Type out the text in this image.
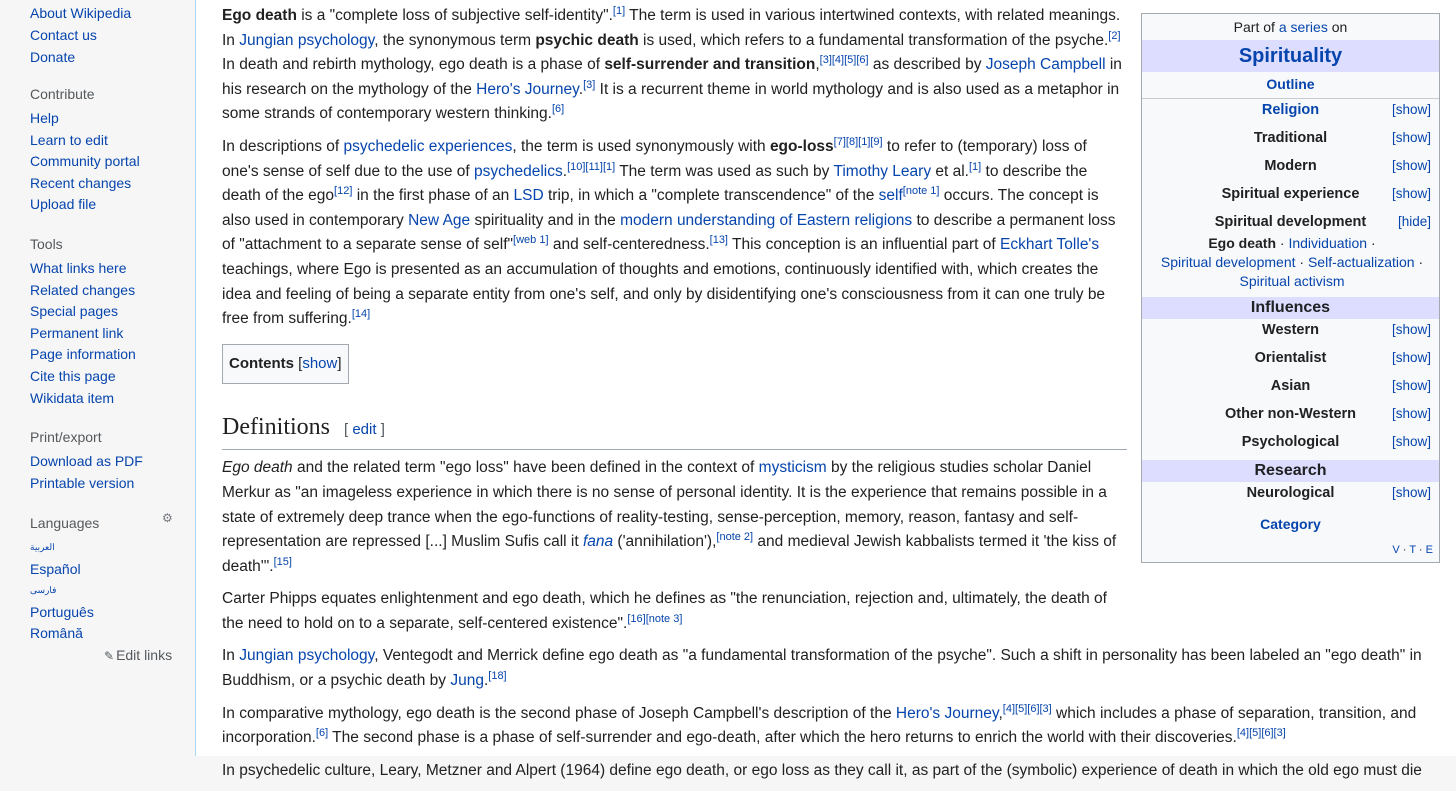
About Wikipedia
Contact us
Donate
Contribute
Help
Learn to edit
Community portal
Recent changes
Upload file
Tools
What links here
Related changes
Special pages
Permanent link
Page information
Cite this page
Wikidata item
Print/export
Download as PDF
Printable version
Languages
العربية
Español
فارسی
Português
Română
⚙
✎ Edit links

Ego death is a "complete loss of subjective self-identity".[1] The term is used in various intertwined contexts, with related meanings. In Jungian psychology, the synonymous term psychic death is used, which refers to a fundamental transformation of the psyche.[2] In death and rebirth mythology, ego death is a phase of self-surrender and transition,[3][4][5][6] as described by Joseph Campbell in his research on the mythology of the Hero's Journey.[3] It is a recurrent theme in world mythology and is also used as a metaphor in some strands of contemporary western thinking.[6]

In descriptions of psychedelic experiences, the term is used synonymously with ego-loss[7][8][1][9] to refer to (temporary) loss of one's sense of self due to the use of psychedelics.[10][11][1] The term was used as such by Timothy Leary et al.[1] to describe the death of the ego[12] in the first phase of an LSD trip, in which a "complete transcendence" of the self[note 1] occurs. The concept is also used in contemporary New Age spirituality and in the modern understanding of Eastern religions to describe a permanent loss of "attachment to a separate sense of self"[web 1] and self-centeredness.[13] This conception is an influential part of Eckhart Tolle's teachings, where Ego is presented as an accumulation of thoughts and emotions, continuously identified with, which creates the idea and feeling of being a separate entity from one's self, and only by disidentifying one's consciousness from it can one truly be free from suffering.[14]

Contents [show]
Definitions [ edit ]

Ego death and the related term "ego loss" have been defined in the context of mysticism by the religious studies scholar Daniel Merkur as "an imageless experience in which there is no sense of personal identity. It is the experience that remains possible in a state of extremely deep trance when the ego-functions of reality-testing, sense-perception, memory, reason, fantasy and self-representation are repressed [...] Muslim Sufis call it fana ('annihilation'),[note 2] and medieval Jewish kabbalists termed it 'the kiss of death'".[15]

Carter Phipps equates enlightenment and ego death, which he defines as "the renunciation, rejection and, ultimately, the death of the need to hold on to a separate, self-centered existence".[16][note 3]

In Jungian psychology, Ventegodt and Merrick define ego death as "a fundamental transformation of the psyche". Such a shift in personality has been labeled an "ego death" in Buddhism, or a psychic death by Jung.[18]

In comparative mythology, ego death is the second phase of Joseph Campbell's description of the Hero's Journey,[4][5][6][3] which includes a phase of separation, transition, and incorporation.[6] The second phase is a phase of self-surrender and ego-death, after which the hero returns to enrich the world with their discoveries.[4][5][6][3]

In psychedelic culture, Leary, Metzner and Alpert (1964) define ego death, or ego loss as they call it, as part of the (symbolic) experience of death in which the old ego must die

Part of a series on
Spirituality
Outline
Religion	[show]
Traditional	[show]
Modern	[show]
Spiritual experience	[show]
Spiritual development	[hide]
Ego death · Individuation ·
Spiritual development · Self-actualization ·
Spiritual activism
Influences
Western	[show]
Orientalist	[show]
Asian	[show]
Other non-Western	[show]
Psychological	[show]
Research
Neurological	[show]
Category
V · T · E
